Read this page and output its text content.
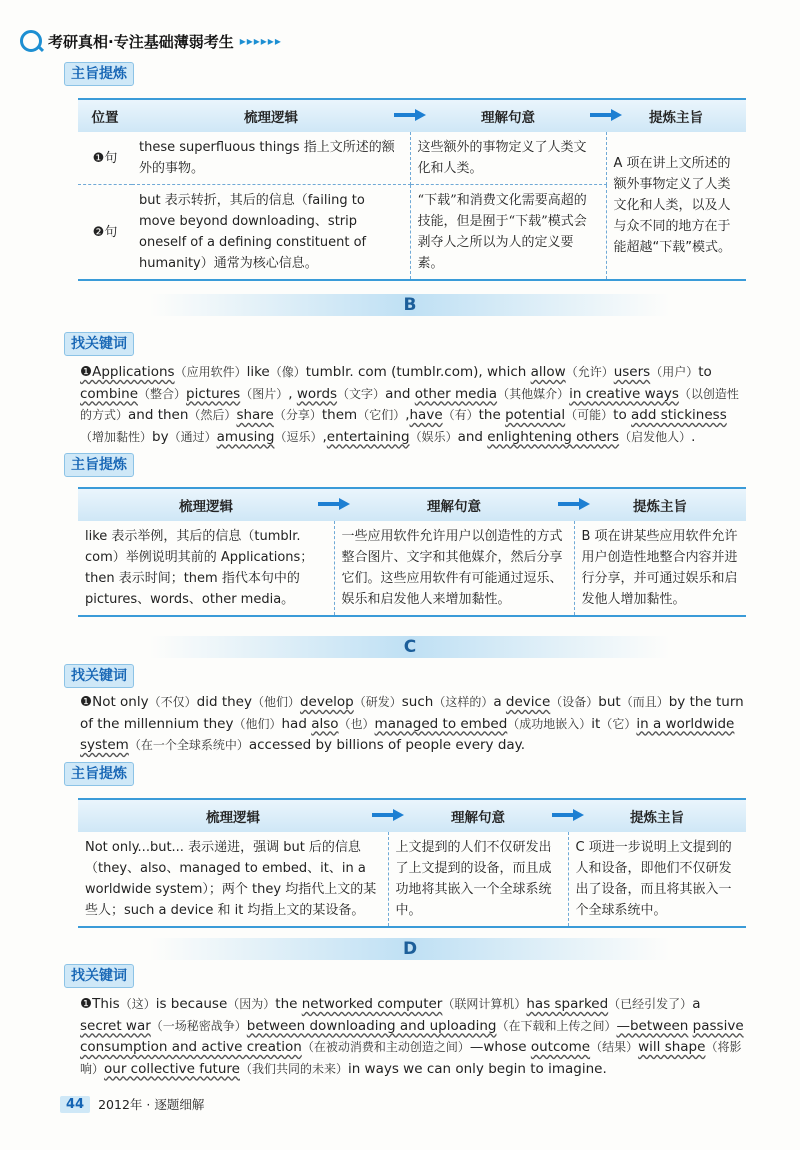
考研真相·专注基础薄弱考生 ▸▸▸▸▸▸
主旨提炼
位置	梳理逻辑	理解句意	提炼主旨
❶句	these superfluous things 指上文所述的额外的事物。	这些额外的事物定义了人类文化和人类。	A 项在讲上文所述的额外事物定义了人类文化和人类，以及人与众不同的地方在于能超越“下载”模式。
❷句	but 表示转折，其后的信息（failing to move beyond downloading、strip oneself of a defining constituent of humanity）通常为核心信息。	“下载”和消费文化需要高超的技能，但是囿于“下载”模式会剥夺人之所以为人的定义要素。	
B
找关键词
❶Applications（应用软件）like（像）tumblr. com (tumblr.com), which allow（允许）users（用户）to combine（整合）pictures（图片）, words（文字）and other media（其他媒介）in creative ways（以创造性的方式）and then（然后）share（分享）them（它们）,have（有）the potential（可能）to add stickiness（增加黏性）by（通过）amusing（逗乐）,entertaining（娱乐）and enlightening others（启发他人）.
主旨提炼
梳理逻辑	理解句意	提炼主旨
like 表示举例，其后的信息（tumblr. com）举例说明其前的 Applications；then 表示时间；them 指代本句中的 pictures、words、other media。	一些应用软件允许用户以创造性的方式整合图片、文字和其他媒介，然后分享它们。这些应用软件有可能通过逗乐、娱乐和启发他人来增加黏性。	B 项在讲某些应用软件允许用户创造性地整合内容并进行分享，并可通过娱乐和启发他人增加黏性。
C
找关键词
❶Not only（不仅）did they（他们）develop（研发）such（这样的）a device（设备）but（而且）by the turn of the millennium they（他们）had also（也）managed to embed（成功地嵌入）it（它）in a worldwide system（在一个全球系统中）accessed by billions of people every day.
主旨提炼
梳理逻辑	理解句意	提炼主旨
Not only...but... 表示递进，强调 but 后的信息（they、also、managed to embed、it、in a worldwide system）；两个 they 均指代上文的某些人；such a device 和 it 均指上文的某设备。	上文提到的人们不仅研发出了上文提到的设备，而且成功地将其嵌入一个全球系统中。	C 项进一步说明上文提到的人和设备，即他们不仅研发出了设备，而且将其嵌入一个全球系统中。
D
找关键词
❶This（这）is because（因为）the networked computer（联网计算机）has sparked（已经引发了）a secret war（一场秘密战争）between downloading and uploading（在下载和上传之间）—between passive consumption and active creation（在被动消费和主动创造之间）—whose outcome（结果）will shape（将影响）our collective future（我们共同的未来）in ways we can only begin to imagine.
44	2012年 · 逐题细解
